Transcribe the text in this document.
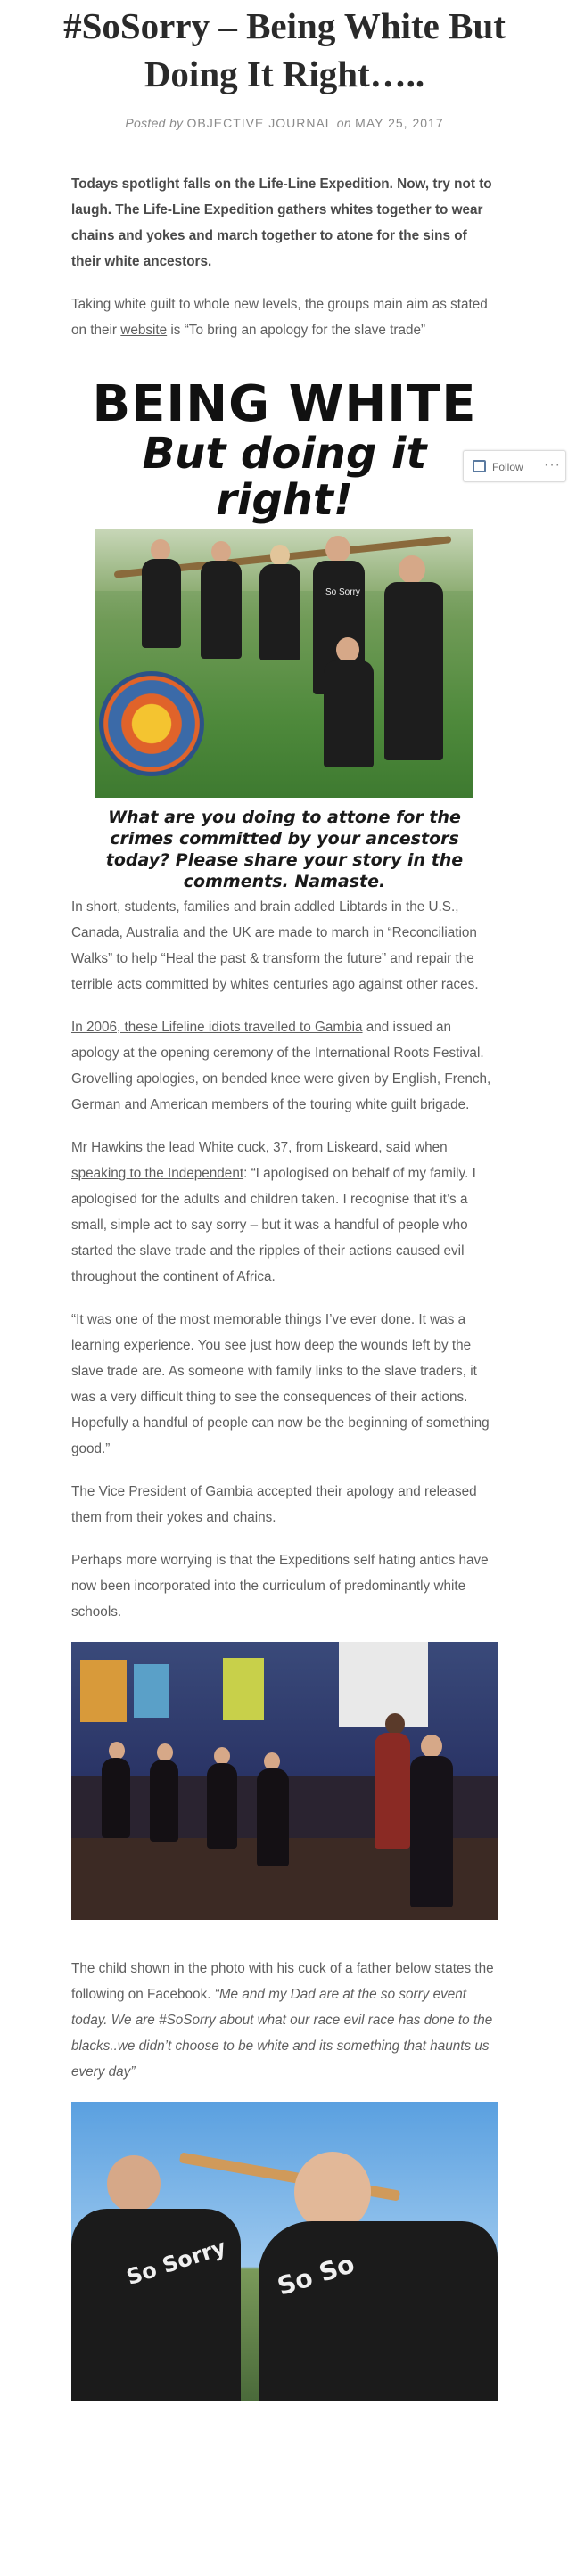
#SoSorry – Being White But Doing It Right…..
Posted by OBJECTIVE JOURNAL on MAY 25, 2017

Todays spotlight falls on the Life-Line Expedition. Now, try not to laugh. The Life-Line Expedition gathers whites together to wear chains and yokes and march together to atone for the sins of their white ancestors.

Taking white guilt to whole new levels, the groups main aim as stated on their website is “To bring an apology for the slave trade”

BEING WHITE
But doing it right!
So Sorry
What are you doing to attone for the crimes committed by your ancestors today? Please share your story in the comments. Namaste.

In short, students, families and brain addled Libtards in the U.S., Canada, Australia and the UK are made to march in “Reconciliation Walks” to help “Heal the past & transform the future” and repair the terrible acts committed by whites centuries ago against other races.

In 2006, these Lifeline idiots travelled to Gambia and issued an apology at the opening ceremony of the International Roots Festival. Grovelling apologies, on bended knee were given by English, French, German and American members of the touring white guilt brigade.

Mr Hawkins the lead White cuck, 37, from Liskeard, said when speaking to the Independent: “I apologised on behalf of my family. I apologised for the adults and children taken. I recognise that it’s a small, simple act to say sorry – but it was a handful of people who started the slave trade and the ripples of their actions caused evil throughout the continent of Africa.

“It was one of the most memorable things I’ve ever done. It was a learning experience. You see just how deep the wounds left by the slave trade are. As someone with family links to the slave traders, it was a very difficult thing to see the consequences of their actions. Hopefully a handful of people can now be the beginning of something good.”

The Vice President of Gambia accepted their apology and released them from their yokes and chains.

Perhaps more worrying is that the Expeditions self hating antics have now been incorporated into the curriculum of predominantly white schools.

The child shown in the photo with his cuck of a father below states the following on Facebook. “Me and my Dad are at the so sorry event today. We are #SoSorry about what our race evil race has done to the blacks..we didn’t choose to be white and its something that haunts us every day”

So Sorry So So
Follow ···
